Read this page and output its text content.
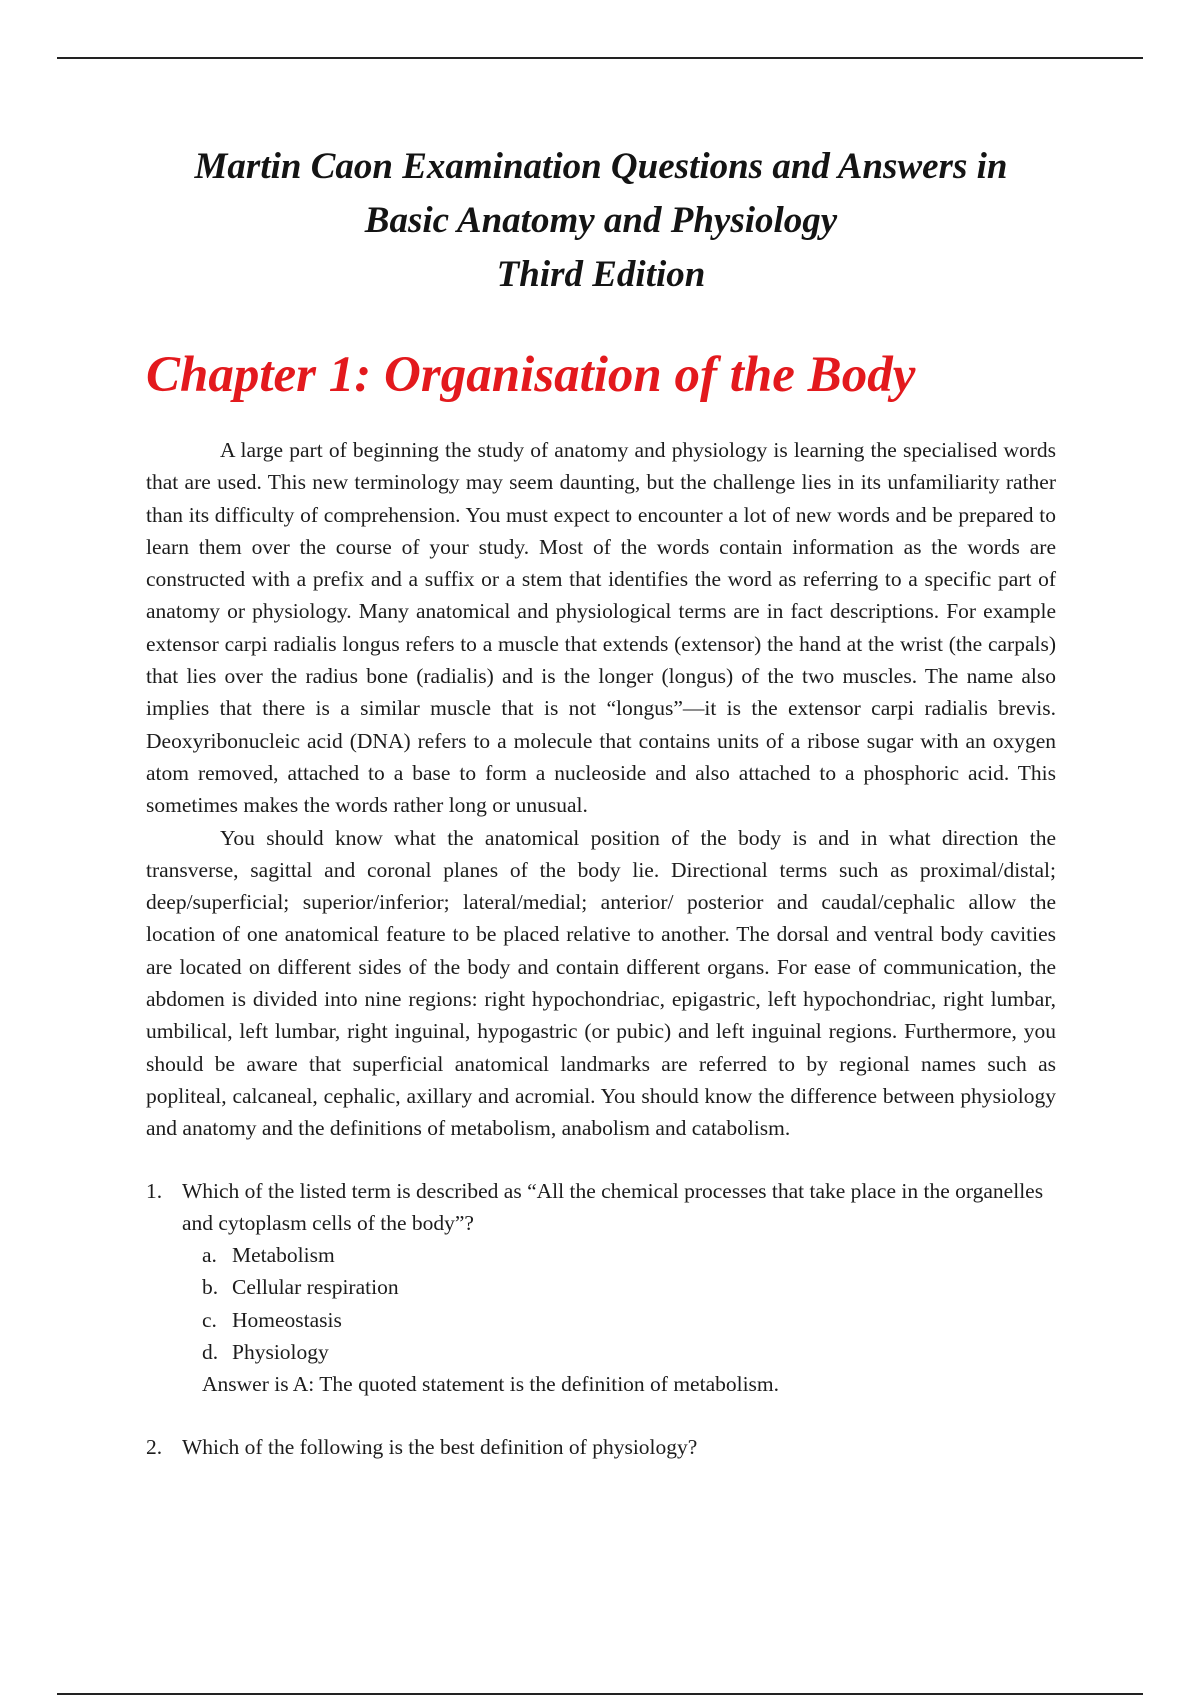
Martin Caon Examination Questions and Answers in
Basic Anatomy and Physiology
Third Edition
Chapter 1: Organisation of the Body

A large part of beginning the study of anatomy and physiology is learning the specialised words that are used. This new terminology may seem daunting, but the challenge lies in its unfamiliarity rather than its difficulty of comprehension. You must expect to encounter a lot of new words and be prepared to learn them over the course of your study. Most of the words contain information as the words are constructed with a prefix and a suffix or a stem that identifies the word as referring to a specific part of anatomy or physiology. Many anatomical and physiological terms are in fact descriptions. For example extensor carpi radialis longus refers to a muscle that extends (extensor) the hand at the wrist (the carpals) that lies over the radius bone (radialis) and is the longer (longus) of the two muscles. The name also implies that there is a similar muscle that is not “longus”—it is the extensor carpi radialis brevis. Deoxyribonucleic acid (DNA) refers to a molecule that contains units of a ribose sugar with an oxygen atom removed, attached to a base to form a nucleoside and also attached to a phosphoric acid. This sometimes makes the words rather long or unusual.

You should know what the anatomical position of the body is and in what direction the transverse, sagittal and coronal planes of the body lie. Directional terms such as proximal/distal; deep/superficial; superior/inferior; lateral/medial; anterior/ posterior and caudal/cephalic allow the location of one anatomical feature to be placed relative to another. The dorsal and ventral body cavities are located on different sides of the body and contain different organs. For ease of communication, the abdomen is divided into nine regions: right hypochondriac, epigastric, left hypochondriac, right lumbar, umbilical, left lumbar, right inguinal, hypogastric (or pubic) and left inguinal regions. Furthermore, you should be aware that superficial anatomical landmarks are referred to by regional names such as popliteal, calcaneal, cephalic, axillary and acromial. You should know the difference between physiology and anatomy and the definitions of metabolism, anabolism and catabolism.

1. Which of the listed term is described as “All the chemical processes that take place in the organelles and cytoplasm cells of the body”?
a. Metabolism
b. Cellular respiration
c. Homeostasis
d. Physiology

Answer is A: The quoted statement is the definition of metabolism.

2. Which of the following is the best definition of physiology?
